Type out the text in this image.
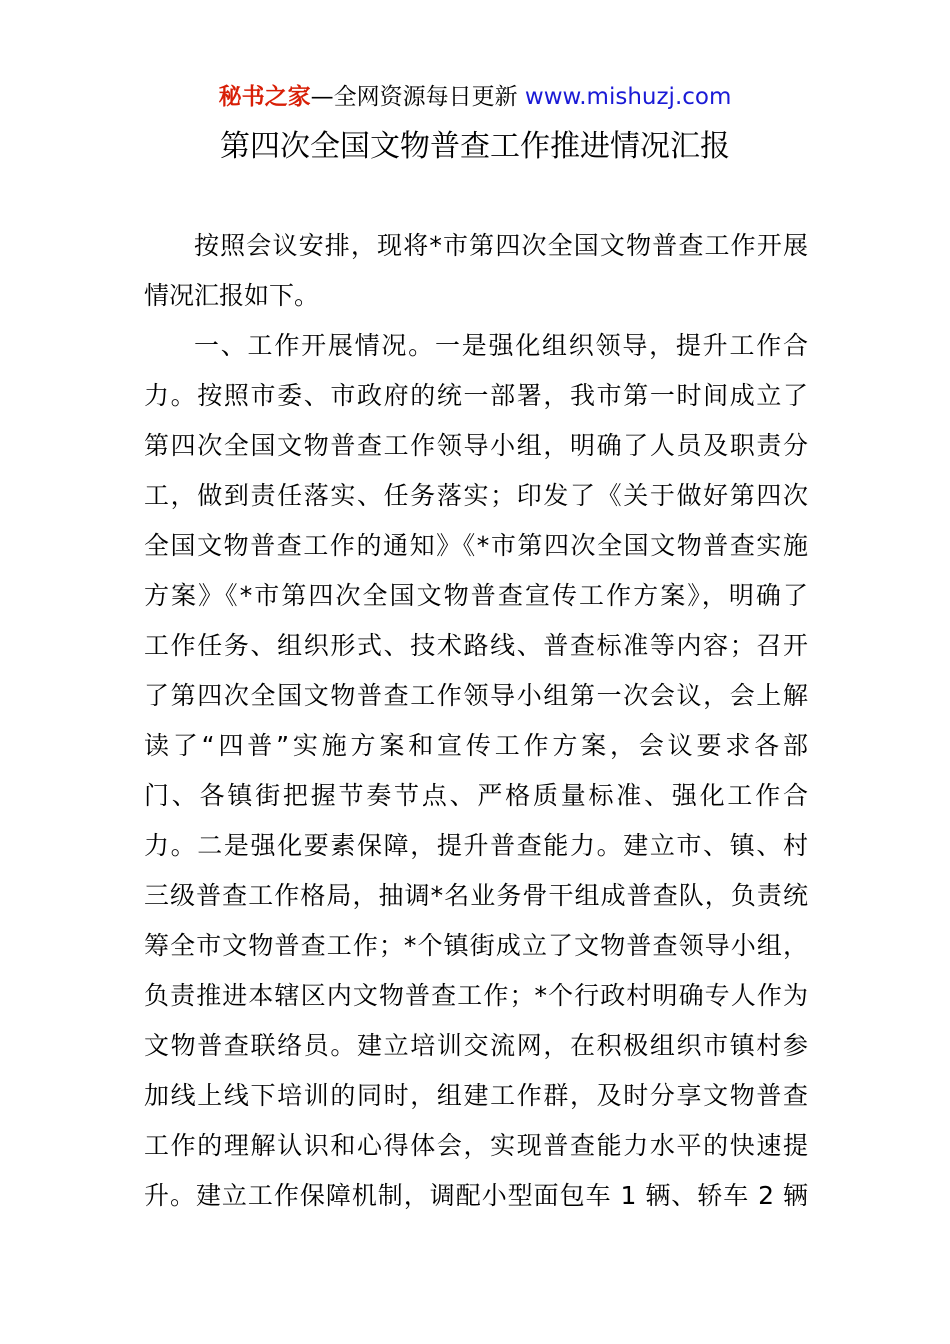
秘书之家—全网资源每日更新 www.mishuzj.com
第四次全国文物普查工作推进情况汇报
按照会议安排，现将*市第四次全国文物普查工作开展
情况汇报如下。
一、工作开展情况。一是强化组织领导，提升工作合
力。按照市委、市政府的统一部署，我市第一时间成立了
第四次全国文物普查工作领导小组，明确了人员及职责分
工，做到责任落实、任务落实；印发了《关于做好第四次
全国文物普查工作的通知》《*市第四次全国文物普查实施
方案》《*市第四次全国文物普查宣传工作方案》，明确了
工作任务、组织形式、技术路线、普查标准等内容；召开
了第四次全国文物普查工作领导小组第一次会议，会上解
读了“四普”实施方案和宣传工作方案，会议要求各部
门、各镇街把握节奏节点、严格质量标准、强化工作合
力。二是强化要素保障，提升普查能力。建立市、镇、村
三级普查工作格局，抽调*名业务骨干组成普查队，负责统
筹全市文物普查工作；*个镇街成立了文物普查领导小组，
负责推进本辖区内文物普查工作；*个行政村明确专人作为
文物普查联络员。建立培训交流网，在积极组织市镇村参
加线上线下培训的同时，组建工作群，及时分享文物普查
工作的理解认识和心得体会，实现普查能力水平的快速提
升。建立工作保障机制，调配小型面包车 1 辆、轿车 2 辆
